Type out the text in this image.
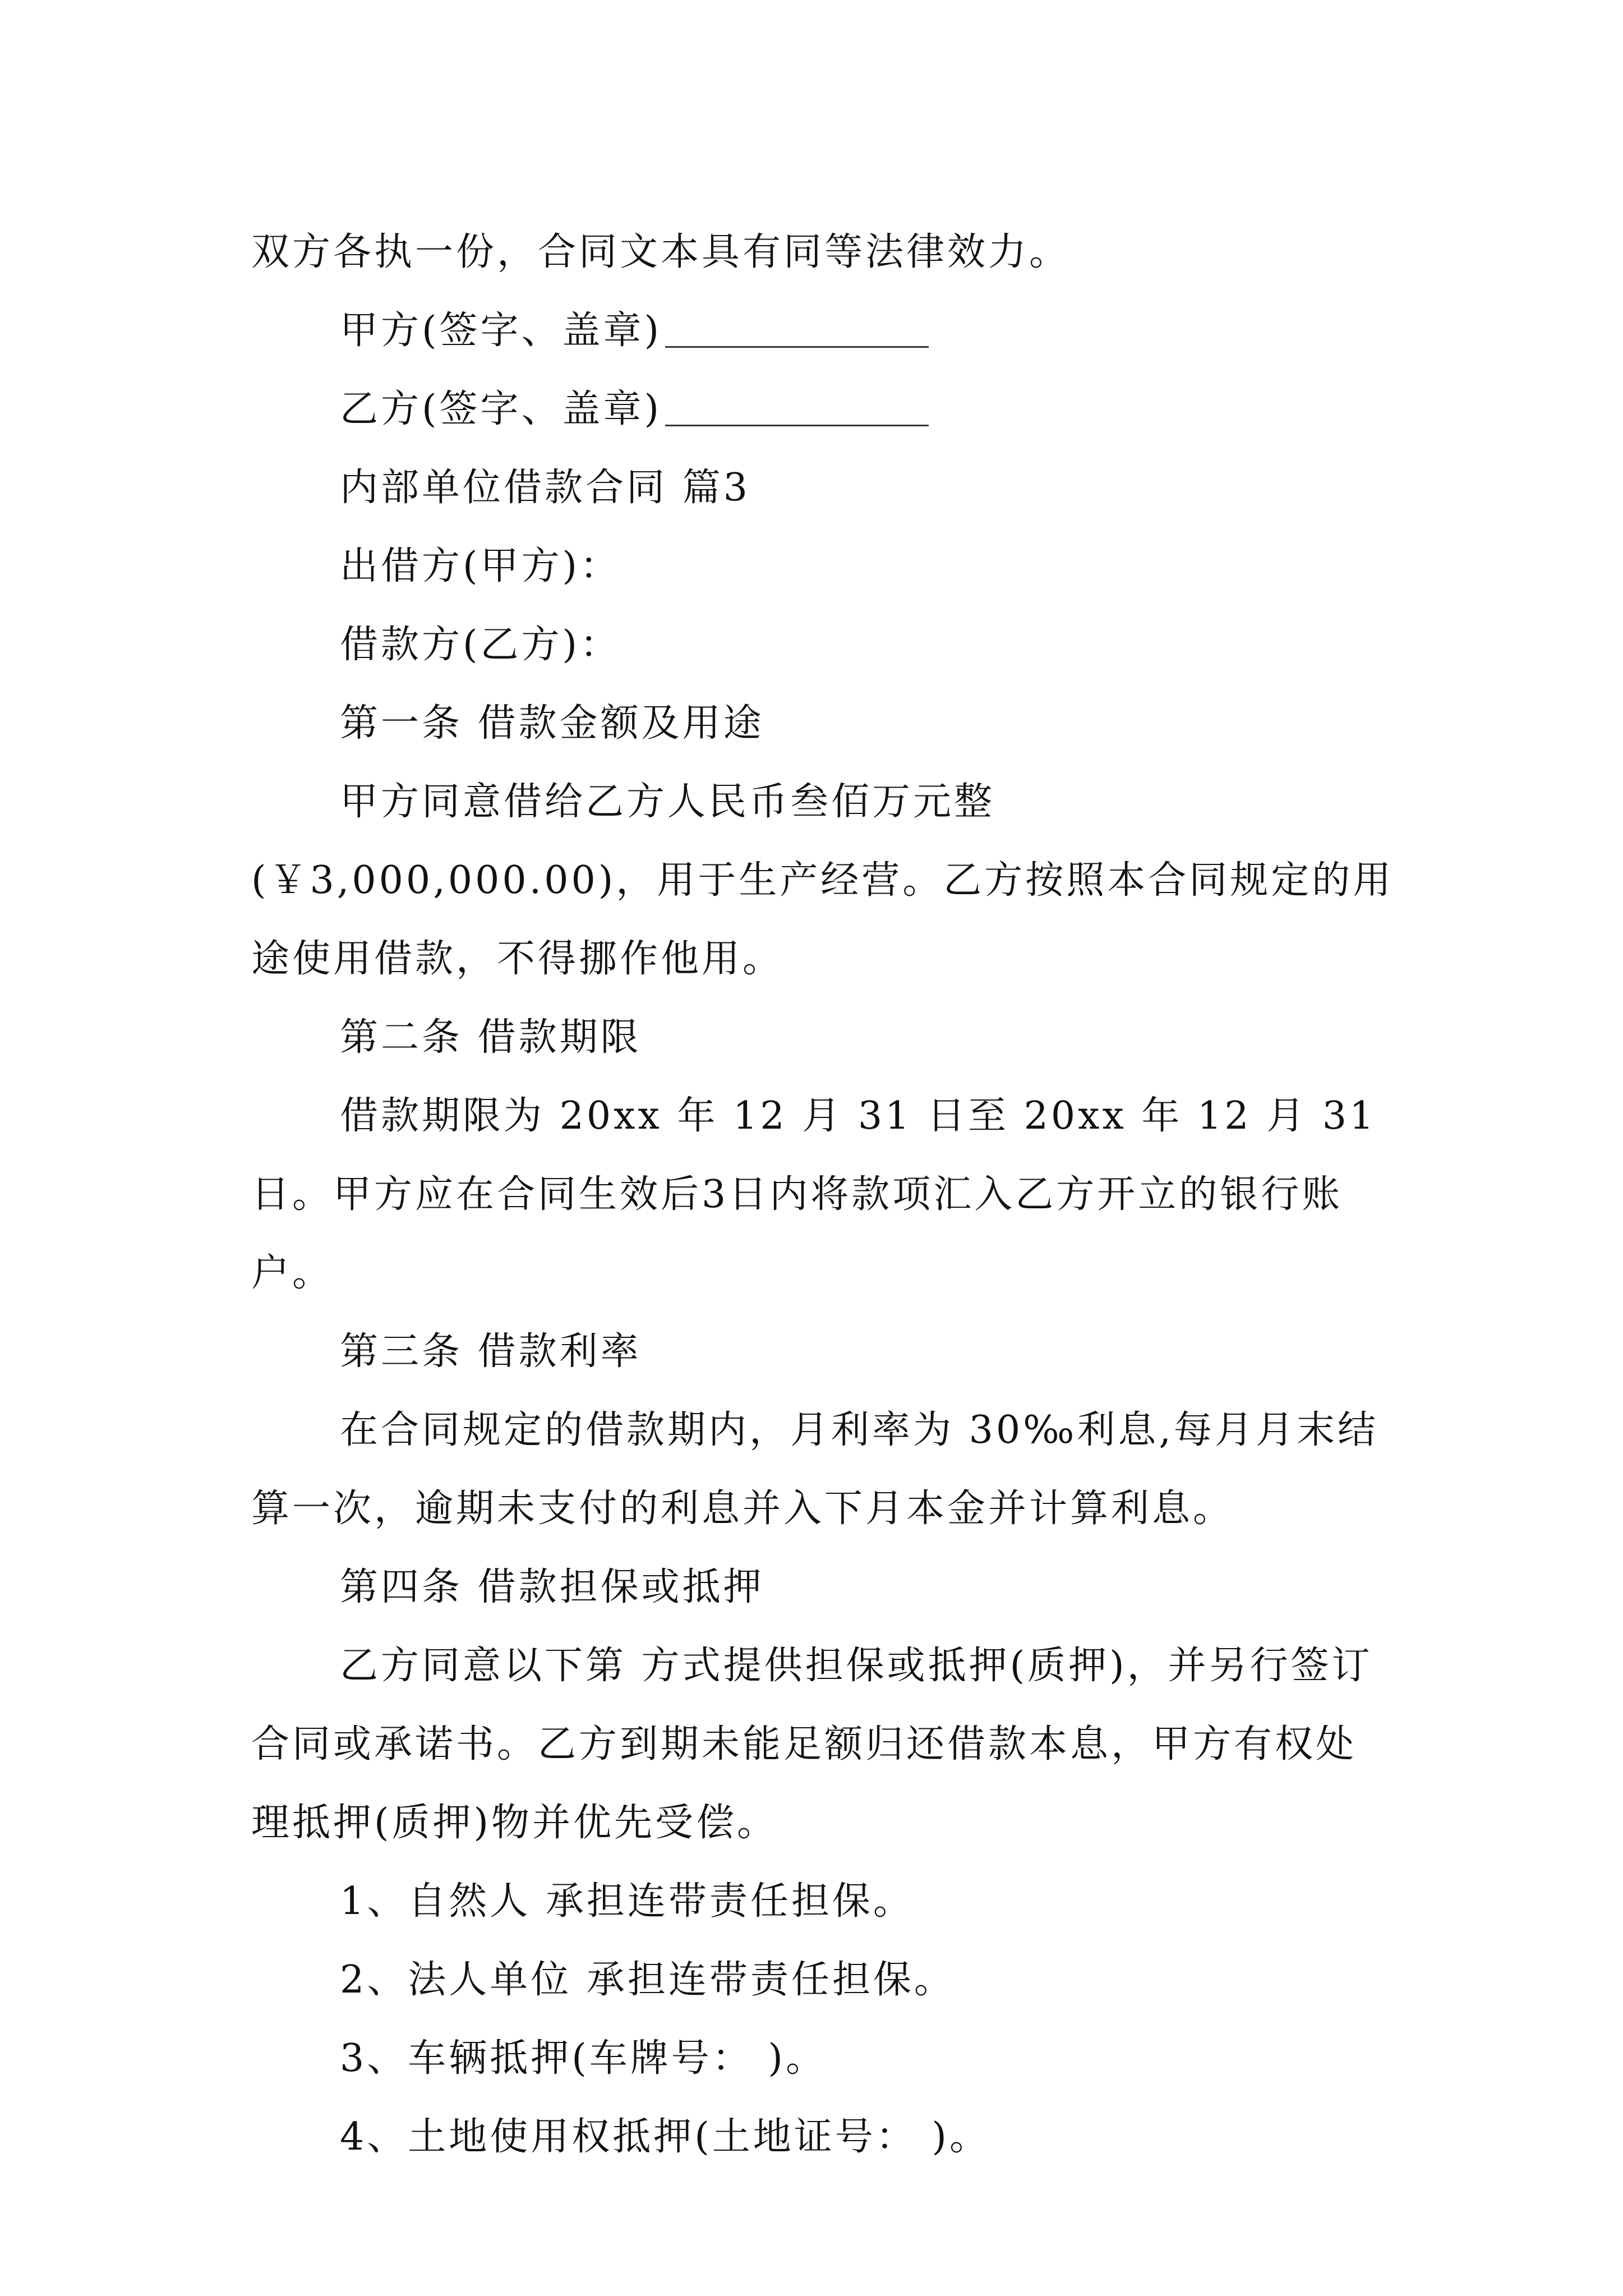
双方各执一份，合同文本具有同等法律效力。

甲方(签字、盖章)

乙方(签字、盖章)

内部单位借款合同 篇3

出借方(甲方)：

借款方(乙方)：

第一条 借款金额及用途

甲方同意借给乙方人民币叁佰万元整(￥3,000,000.00)，用于生产经营。乙方按照本合同规定的用途使用借款，不得挪作他用。

第二条 借款期限

借款期限为 20xx 年 12 月 31 日至 20xx 年 12 月 31 日。甲方应在合同生效后3日内将款项汇入乙方开立的银行账户。

第三条 借款利率

在合同规定的借款期内，月利率为 30‰利息,每月月末结算一次，逾期未支付的利息并入下月本金并计算利息。

第四条 借款担保或抵押

乙方同意以下第 方式提供担保或抵押(质押)，并另行签订合同或承诺书。乙方到期未能足额归还借款本息，甲方有权处理抵押(质押)物并优先受偿。

1、自然人 承担连带责任担保。

2、法人单位 承担连带责任担保。

3、车辆抵押(车牌号： )。

4、土地使用权抵押(土地证号： )。
